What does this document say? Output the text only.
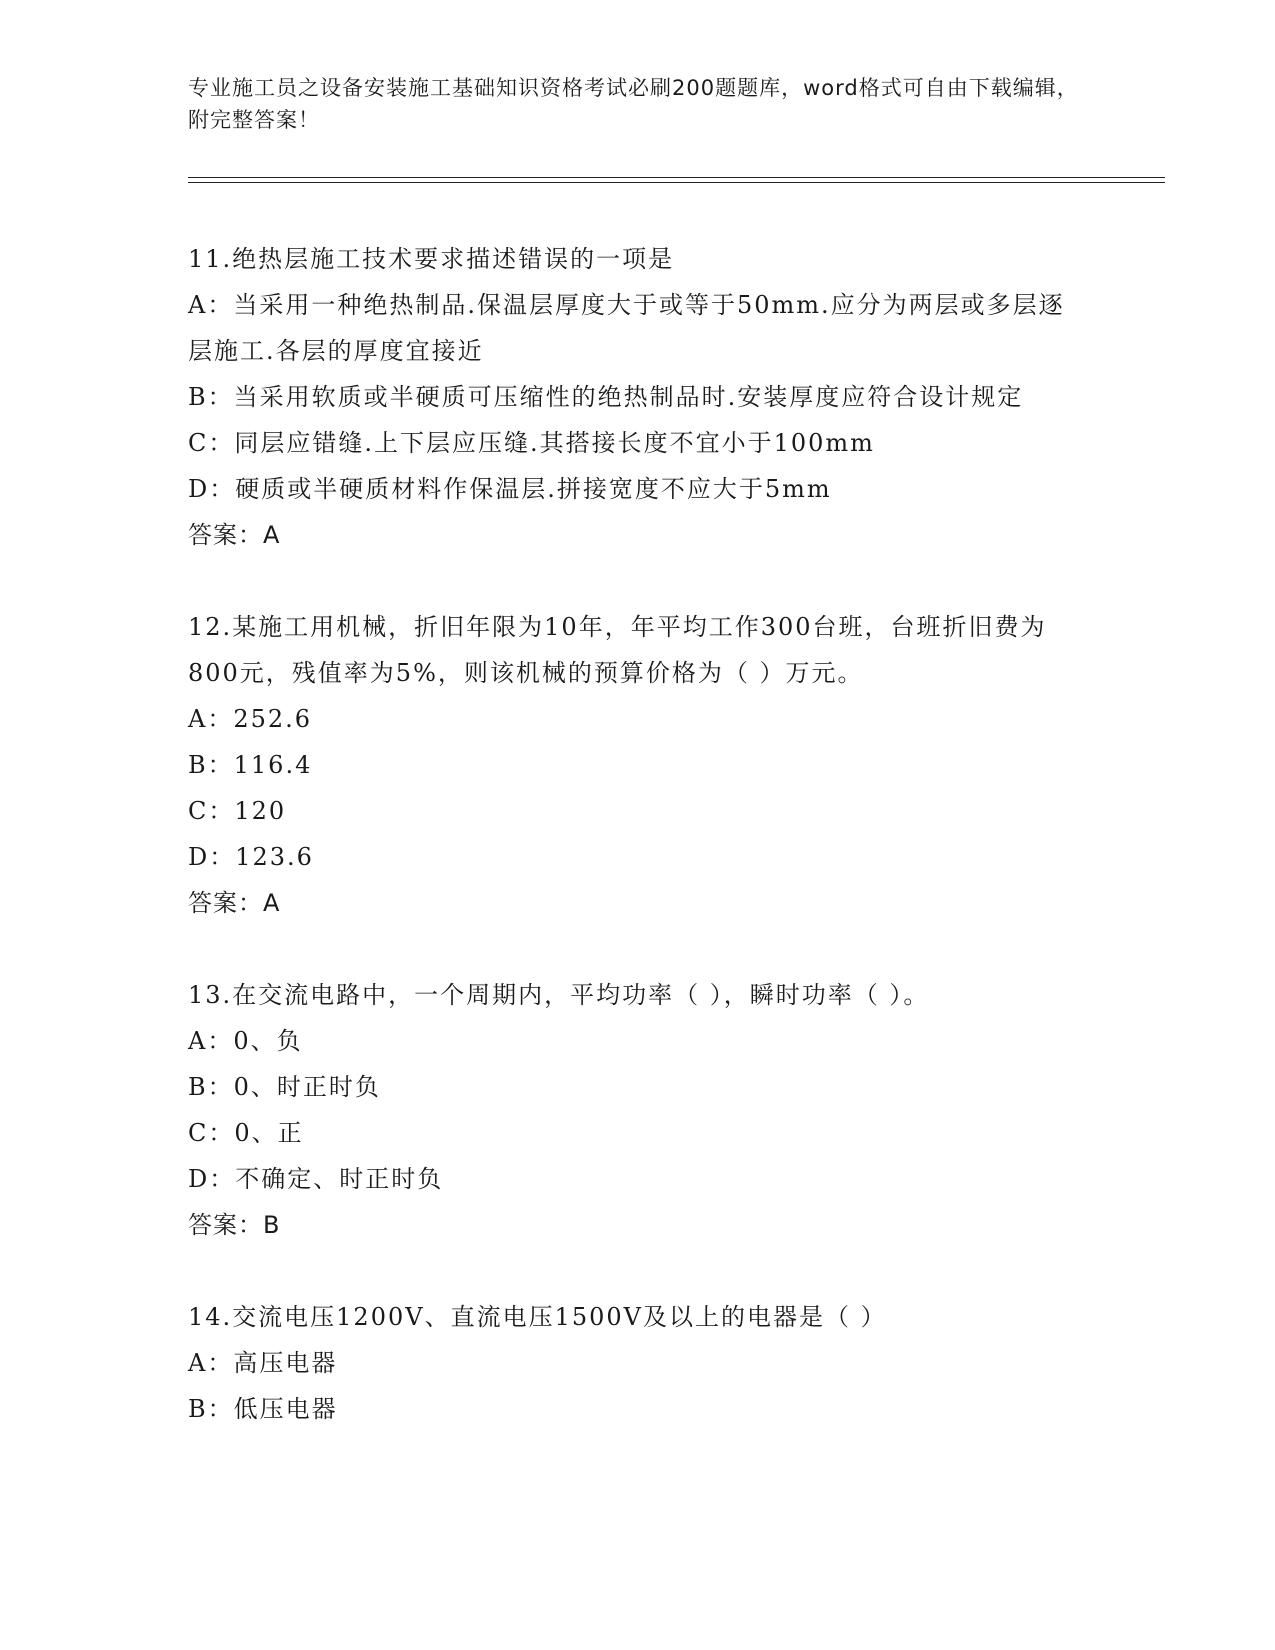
专业施工员之设备安装施工基础知识资格考试必刷200题题库，word格式可自由下载编辑，附完整答案！
11.绝热层施工技术要求描述错误的一项是
A：当采用一种绝热制品.保温层厚度大于或等于50mm.应分为两层或多层逐层施工.各层的厚度宜接近
B：当采用软质或半硬质可压缩性的绝热制品时.安装厚度应符合设计规定
C：同层应错缝.上下层应压缝.其搭接长度不宜小于100mm
D：硬质或半硬质材料作保温层.拼接宽度不应大于5mm
答案：A
12.某施工用机械，折旧年限为10年，年平均工作300台班，台班折旧费为800元，残值率为5%，则该机械的预算价格为（ ）万元。
A：252.6
B：116.4
C：120
D：123.6
答案：A
13.在交流电路中，一个周期内，平均功率（ ），瞬时功率（ ）。
A：0、负
B：0、时正时负
C：0、正
D：不确定、时正时负
答案：B
14.交流电压1200V、直流电压1500V及以上的电器是（ ）
A：高压电器
B：低压电器
